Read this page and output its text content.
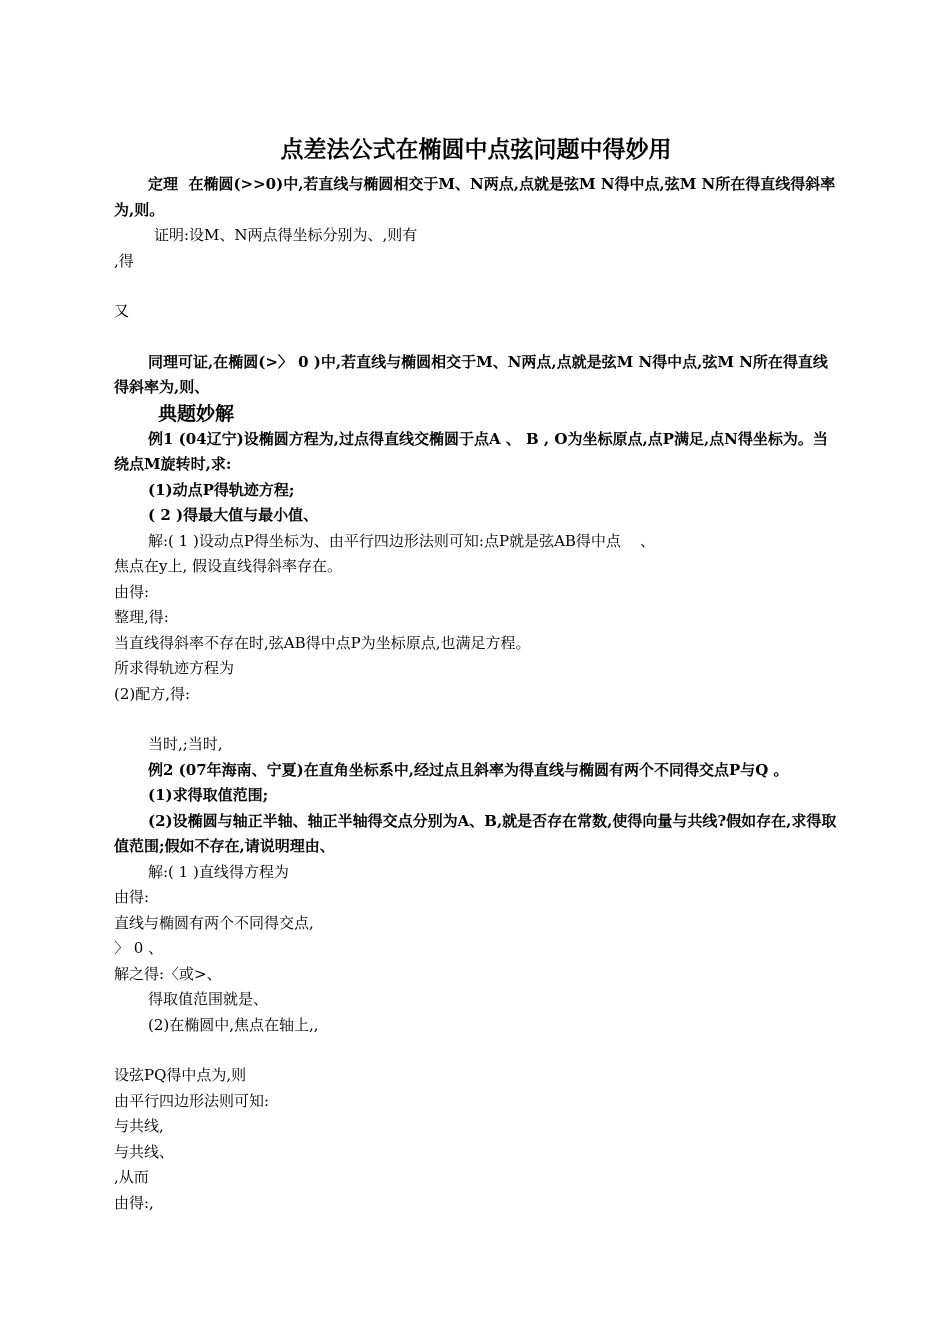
点差法公式在椭圆中点弦问题中得妙用

定理  在椭圆(>>0)中,若直线与椭圆相交于M、N两点,点就是弦M N得中点,弦M N所在得直线得斜率为,则。

证明:设M、N两点得坐标分别为、,则有

,得

又

同理可证,在椭圆(>〉 0 )中,若直线与椭圆相交于M、N两点,点就是弦M N得中点,弦M N所在得直线得斜率为,则、

典题妙解

例1 (04辽宁)设椭圆方程为,过点得直线交椭圆于点A 、 B , O为坐标原点,点P满足,点N得坐标为。当绕点M旋转时,求:

(1)动点P得轨迹方程;

( 2 )得最大值与最小值、

解:( 1 )设动点P得坐标为、由平行四边形法则可知:点P就是弦AB得中点    、

焦点在y上, 假设直线得斜率存在。

由得:

整理,得:

当直线得斜率不存在时,弦AB得中点P为坐标原点,也满足方程。

所求得轨迹方程为

(2)配方,得:

当时,;当时,

例2 (07年海南、宁夏)在直角坐标系中,经过点且斜率为得直线与椭圆有两个不同得交点P与Q 。

(1)求得取值范围;

(2)设椭圆与轴正半轴、轴正半轴得交点分别为A、B,就是否存在常数,使得向量与共线?假如存在,求得取值范围;假如不存在,请说明理由、

解:( 1 )直线得方程为

由得:

直线与椭圆有两个不同得交点,

〉 0 、

解之得:〈或>、

得取值范围就是、

(2)在椭圆中,焦点在轴上,,

设弦PQ得中点为,则

由平行四边形法则可知:

与共线,

与共线、

,从而

由得:,
